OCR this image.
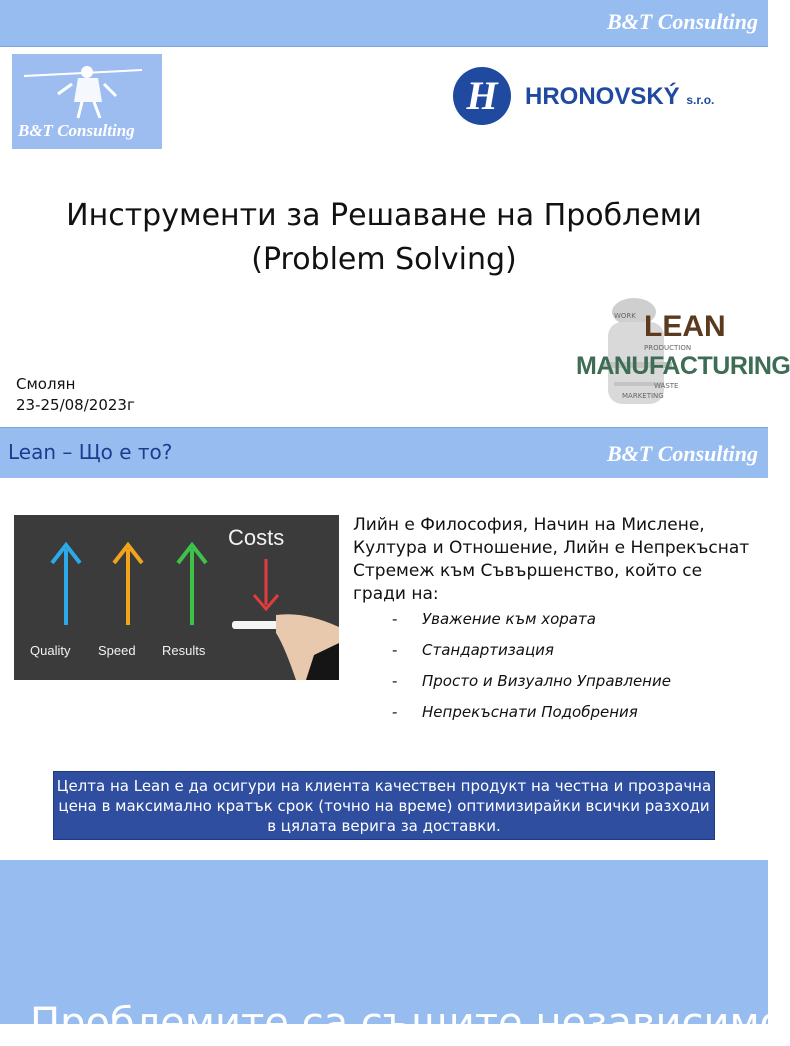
B&T Consulting
B&T Consulting
H	HRONOVSKÝ s.r.o.
Инструменти за Решаване на Проблеми
(Problem Solving)
Смолян
23-25/08/2023г
LEAN
MANUFACTURING
WORK
PRODUCTION
WASTE
MARKETING
Lean – Що е то?	B&T Consulting
Costs
Quality Speed Results
Лийн е Философия, Начин на Мислене, Култура и Отношение, Лийн е Непрекъснат Стремеж към Съвършенство, който се гради на:
- Уважение към хората
- Стандартизация
- Просто и Визуално Управление
- Непрекъснати Подобрения
Целта на Lean е да осигури на клиента качествен продукт на честна и прозрачна цена в максимално кратък срок (точно на време) оптимизирайки всички разходи в цялата верига за доставки.
Проблемите са същите независимо
